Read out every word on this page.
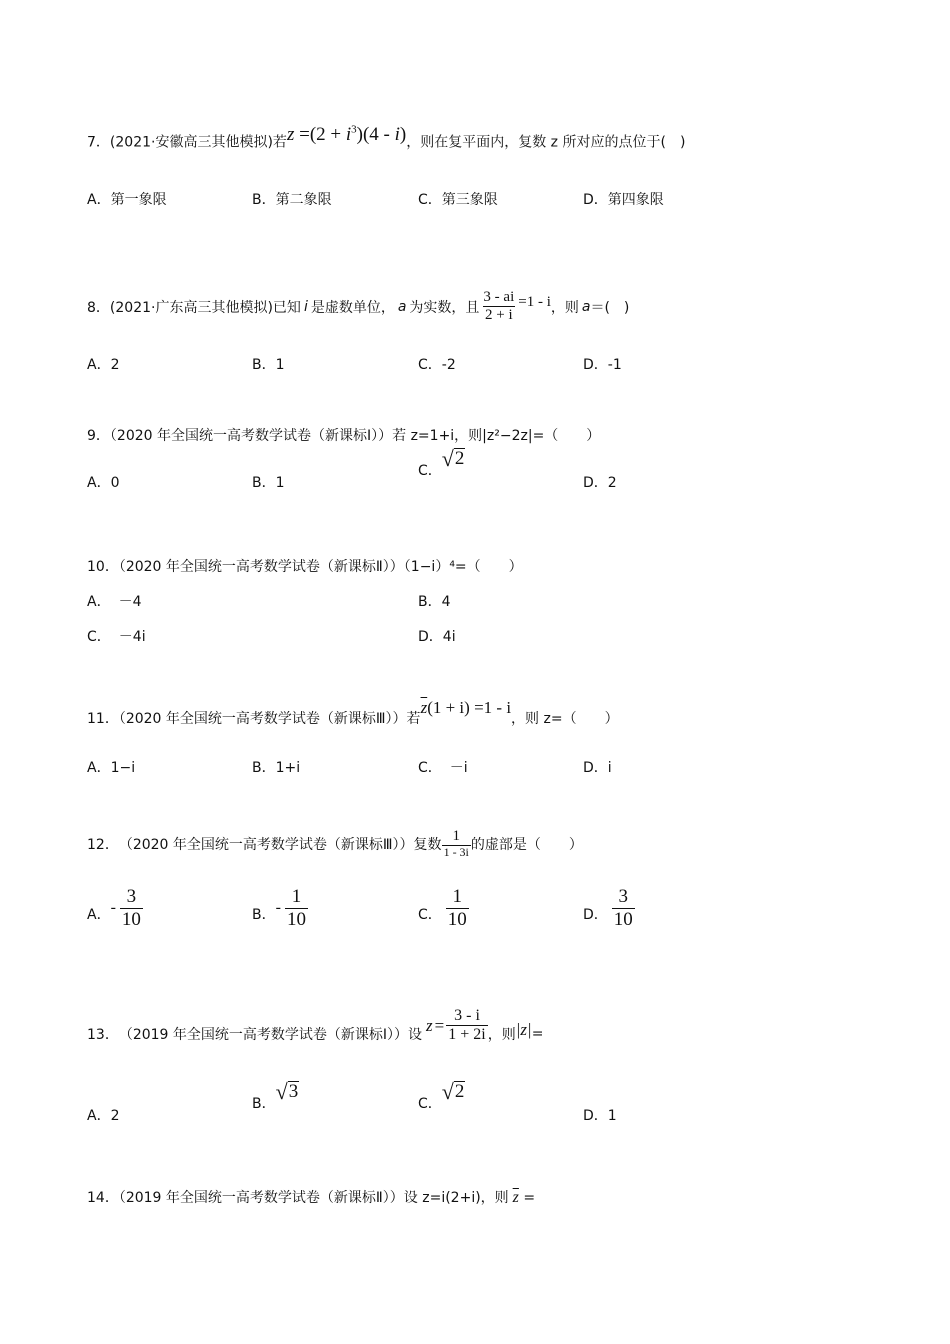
7．(2021·安徽高三其他模拟)若$z =(2 + i^3)(4 - i)$，则在复平面内，复数 z 所对应的点位于(　)
A．第一象限	B．第二象限	C．第三象限	D．第四象限
8． (2021·广东高三其他模拟)已知 i 是虚数单位， a 为实数，且 $\frac{3 - ai}{2 + i} =1 - i$ ，则 a ＝(　)
A．2	B．1	C．-2	D．-1
9．（2020 年全国统一高考数学试卷（新课标Ⅰ））若 z=1+i，则|z²−2z|=（　　）
A．0	B．1
C． √ 2
D．2
10．（2020 年全国统一高考数学试卷（新课标Ⅱ））（1−i）⁴=（　　）
A． －4	B．4
C． －4i	D．4i
11．（2020 年全国统一高考数学试卷（新课标Ⅲ））若$\overline{z}(1 + i) =1 - i$，则 z=（　　）
A．1−i	B．1+i	C． －i	D．i
12． （2020 年全国统一高考数学试卷（新课标Ⅲ））复数 $\frac{1}{1 - 3i}$ 的虚部是（　　）
A． - $\frac{3}{10}$	B． - $\frac{1}{10}$	C． $\frac{1}{10}$	D． $\frac{3}{10}$
13． （2019 年全国统一高考数学试卷（新课标Ⅰ））设 $z = \frac{3 - i}{1 + 2i}$ ，则 |z| =
A．2
B． √ 3
C． √ 2
D．1
14．（2019 年全国统一高考数学试卷（新课标Ⅱ））设 z=i(2+i)，则 $\overline{z}$ =
